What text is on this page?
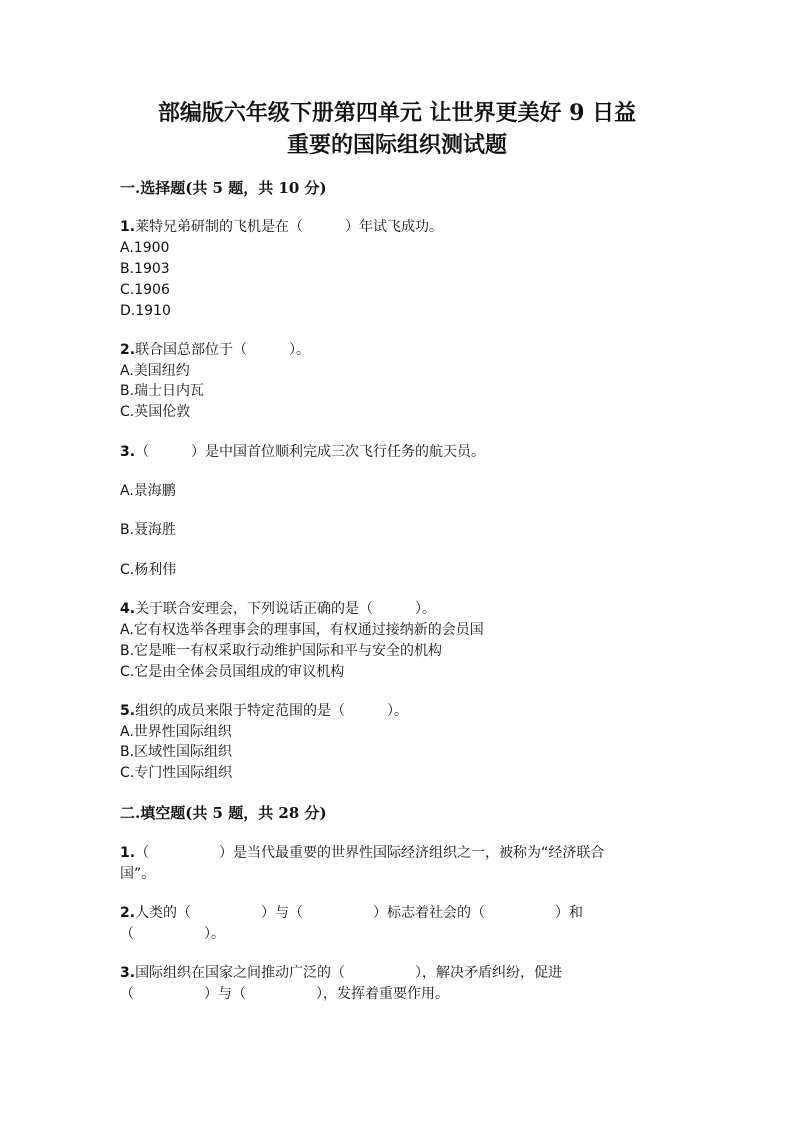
部编版六年级下册第四单元 让世界更美好 9 日益
重要的国际组织测试题
一.选择题(共 5 题，共 10 分)
1.莱特兄弟研制的飞机是在（　　　）年试飞成功。
A.1900
B.1903
C.1906
D.1910
2.联合国总部位于（　　　）。
A.美国纽约
B.瑞士日内瓦
C.英国伦敦
3.（　　　）是中国首位顺利完成三次飞行任务的航天员。
A.景海鹏
B.聂海胜
C.杨利伟
4.关于联合安理会，下列说话正确的是（　　　）。
A.它有权选举各理事会的理事国，有权通过接纳新的会员国
B.它是唯一有权采取行动维护国际和平与安全的机构
C.它是由全体会员国组成的审议机构
5.组织的成员来限于特定范围的是（　　　）。
A.世界性国际组织
B.区域性国际组织
C.专门性国际组织
二.填空题(共 5 题，共 28 分)
1.（　　　　　）是当代最重要的世界性国际经济组织之一，被称为“经济联合
国”。
2.人类的（　　　　　）与（　　　　　）标志着社会的（　　　　　）和
（　　　　　）。
3.国际组织在国家之间推动广泛的（　　　　　），解决矛盾纠纷，促进
（　　　　　）与（　　　　　），发挥着重要作用。
